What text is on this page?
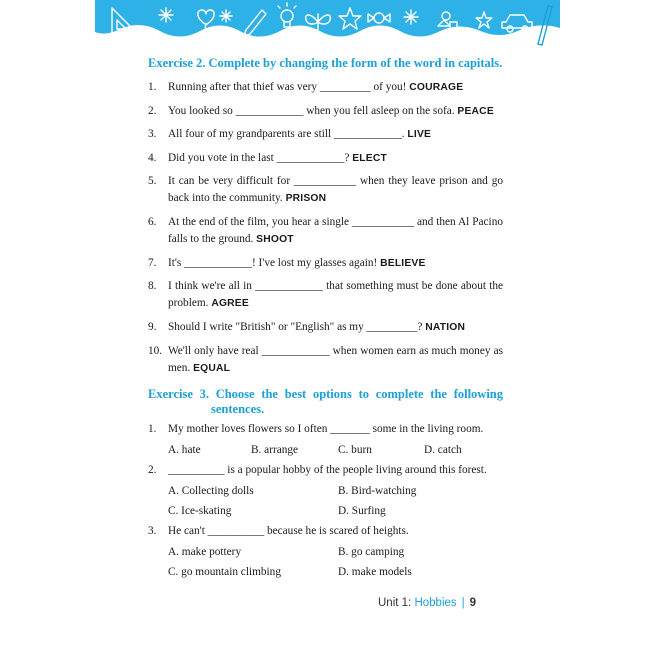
Exercise 2. Complete by changing the form of the word in capitals.
1. Running after that thief was very _________ of you! COURAGE
2. You looked so ____________ when you fell asleep on the sofa. PEACE
3. All four of my grandparents are still ____________. LIVE
4. Did you vote in the last ____________? ELECT
5. It can be very difficult for ___________ when they leave prison and go back into the community. PRISON
6. At the end of the film, you hear a single ___________ and then Al Pacino falls to the ground. SHOOT
7. It's ____________! I've lost my glasses again! BELIEVE
8. I think we're all in ____________ that something must be done about the problem. AGREE
9. Should I write "British" or "English" as my _________? NATION
10. We'll only have real ____________ when women earn as much money as men. EQUAL
Exercise 3. Choose the best options to complete the following
sentences.
1. My mother loves flowers so I often _______ some in the living room.
A. hate	B. arrange	C. burn	D. catch
2. __________ is a popular hobby of the people living around this forest.
A. Collecting dolls	B. Bird-watching
C. Ice-skating	D. Surfing
3. He can't __________ because he is scared of heights.
A. make pottery	B. go camping
C. go mountain climbing	D. make models
Unit 1: Hobbies | 9
